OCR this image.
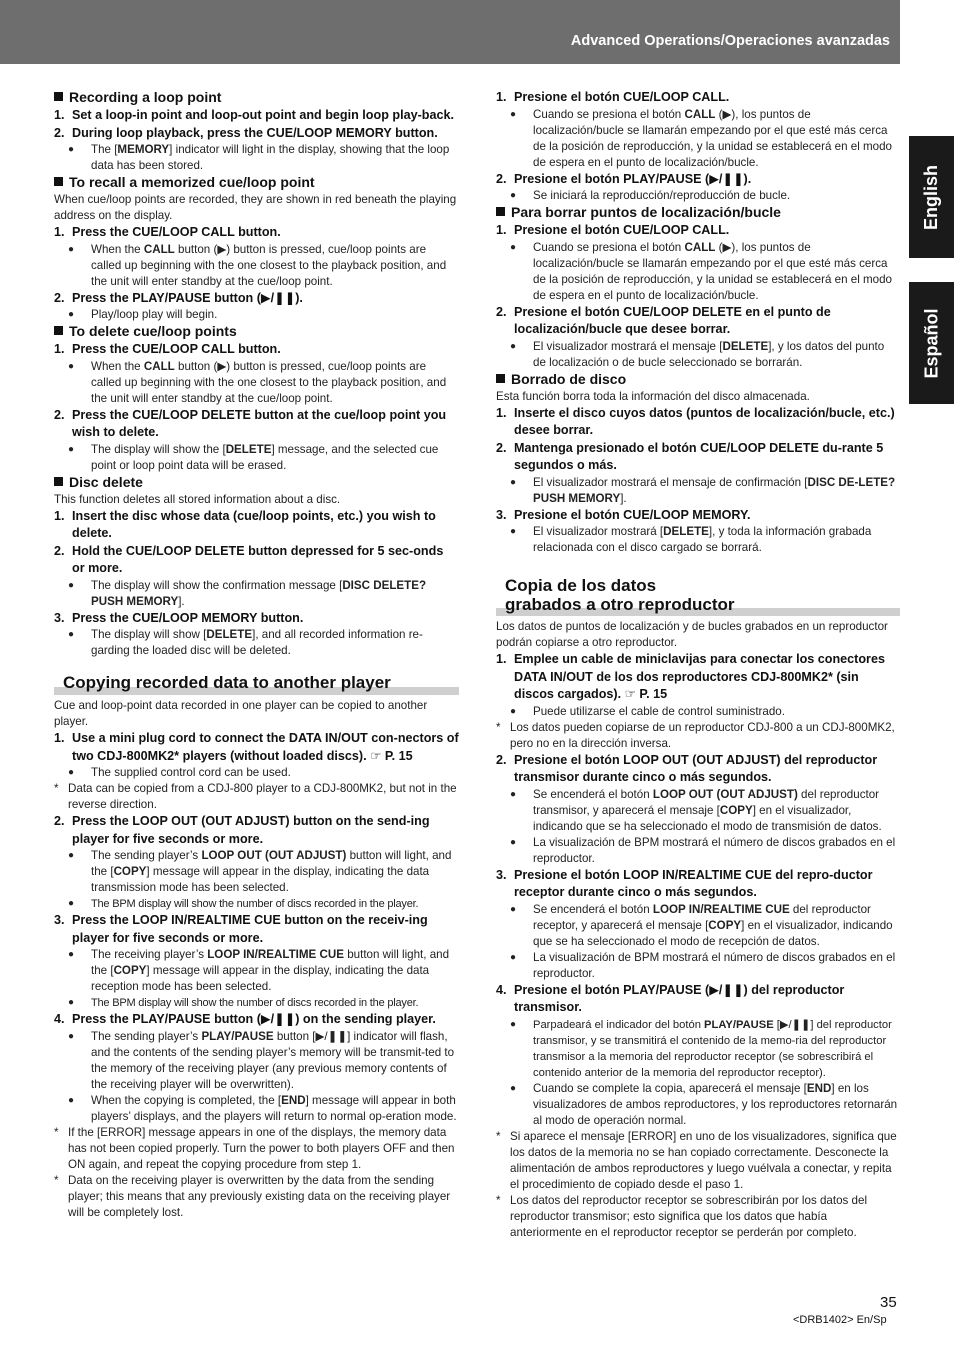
Advanced Operations/Operaciones avanzadas
English
Español
Recording a loop point

1. Set a loop-in point and loop-out point and begin loop play-back.

2. During loop playback, press the CUE/LOOP MEMORY button.

● The [MEMORY] indicator will light in the display, showing that the loop data has been stored.

To recall a memorized cue/loop point

When cue/loop points are recorded, they are shown in red beneath the playing address on the display.

1. Press the CUE/LOOP CALL button.

● When the CALL button (▶) button is pressed, cue/loop points are called up beginning with the one closest to the playback position, and the unit will enter standby at the cue/loop point.

2. Press the PLAY/PAUSE button (▶/❚❚).

● Play/loop play will begin.

To delete cue/loop points

1. Press the CUE/LOOP CALL button.

● When the CALL button (▶) button is pressed, cue/loop points are called up beginning with the one closest to the playback position, and the unit will enter standby at the cue/loop point.

2. Press the CUE/LOOP DELETE button at the cue/loop point you wish to delete.

● The display will show the [DELETE] message, and the selected cue point or loop point data will be erased.

Disc delete

This function deletes all stored information about a disc.

1. Insert the disc whose data (cue/loop points, etc.) you wish to delete.

2. Hold the CUE/LOOP DELETE button depressed for 5 sec-onds or more.

● The display will show the confirmation message [DISC DELETE? PUSH MEMORY].

3. Press the CUE/LOOP MEMORY button.

● The display will show [DELETE], and all recorded information re-garding the loaded disc will be deleted.

Copying recorded data to another player

Cue and loop-point data recorded in one player can be copied to another player.

1. Use a mini plug cord to connect the DATA IN/OUT con-nectors of two CDJ-800MK2* players (without loaded discs). ☞ P. 15

● The supplied control cord can be used.

* Data can be copied from a CDJ-800 player to a CDJ-800MK2, but not in the reverse direction.

2. Press the LOOP OUT (OUT ADJUST) button on the send-ing player for five seconds or more.

● The sending player’s LOOP OUT (OUT ADJUST) button will light, and the [COPY] message will appear in the display, indicating the data transmission mode has been selected.

● The BPM display will show the number of discs recorded in the player.

3. Press the LOOP IN/REALTIME CUE button on the receiv-ing player for five seconds or more.

● The receiving player’s LOOP IN/REALTIME CUE button will light, and the [COPY] message will appear in the display, indicating the data reception mode has been selected.

● The BPM display will show the number of discs recorded in the player.

4. Press the PLAY/PAUSE button (▶/❚❚) on the sending player.

● The sending player’s PLAY/PAUSE button [▶/❚❚] indicator will flash, and the contents of the sending player’s memory will be transmit-ted to the memory of the receiving player (any previous memory contents of the receiving player will be overwritten).

● When the copying is completed, the [END] message will appear in both players’ displays, and the players will return to normal op-eration mode.

* If the [ERROR] message appears in one of the displays, the memory data has not been copied properly. Turn the power to both players OFF and then ON again, and repeat the copying procedure from step 1.

* Data on the receiving player is overwritten by the data from the sending player; this means that any previously existing data on the receiving player will be completely lost.

1. Presione el botón CUE/LOOP CALL.

● Cuando se presiona el botón CALL (▶), los puntos de localización/bucle se llamarán empezando por el que esté más cerca de la posición de reproducción, y la unidad se establecerá en el modo de espera en el punto de localización/bucle.

2. Presione el botón PLAY/PAUSE (▶/❚❚).

● Se iniciará la reproducción/reproducción de bucle.

Para borrar puntos de localización/bucle

1. Presione el botón CUE/LOOP CALL.

● Cuando se presiona el botón CALL (▶), los puntos de localización/bucle se llamarán empezando por el que esté más cerca de la posición de reproducción, y la unidad se establecerá en el modo de espera en el punto de localización/bucle.

2. Presione el botón CUE/LOOP DELETE en el punto de localización/bucle que desee borrar.

● El visualizador mostrará el mensaje [DELETE], y los datos del punto de localización o de bucle seleccionado se borrarán.

Borrado de disco

Esta función borra toda la información del disco almacenada.

1. Inserte el disco cuyos datos (puntos de localización/bucle, etc.) desee borrar.

2. Mantenga presionado el botón CUE/LOOP DELETE du-rante 5 segundos o más.

● El visualizador mostrará el mensaje de confirmación [DISC DE-LETE? PUSH MEMORY].

3. Presione el botón CUE/LOOP MEMORY.

● El visualizador mostrará [DELETE], y toda la información grabada relacionada con el disco cargado se borrará.

Copia de los datos
grabados a otro reproductor

Los datos de puntos de localización y de bucles grabados en un reproductor podrán copiarse a otro reproductor.

1. Emplee un cable de miniclavijas para conectar los conectores DATA IN/OUT de los dos reproductores CDJ-800MK2* (sin discos cargados). ☞ P. 15

● Puede utilizarse el cable de control suministrado.

* Los datos pueden copiarse de un reproductor CDJ-800 a un CDJ-800MK2, pero no en la dirección inversa.

2. Presione el botón LOOP OUT (OUT ADJUST) del reproductor transmisor durante cinco o más segundos.

● Se encenderá el botón LOOP OUT (OUT ADJUST) del reproductor transmisor, y aparecerá el mensaje [COPY] en el visualizador, indicando que se ha seleccionado el modo de transmisión de datos.

● La visualización de BPM mostrará el número de discos grabados en el reproductor.

3. Presione el botón LOOP IN/REALTIME CUE del repro-ductor receptor durante cinco o más segundos.

● Se encenderá el botón LOOP IN/REALTIME CUE del reproductor receptor, y aparecerá el mensaje [COPY] en el visualizador, indicando que se ha seleccionado el modo de recepción de datos.

● La visualización de BPM mostrará el número de discos grabados en el reproductor.

4. Presione el botón PLAY/PAUSE (▶/❚❚) del reproductor transmisor.

● Parpadeará el indicador del botón PLAY/PAUSE [▶/❚❚] del reproductor transmisor, y se transmitirá el contenido de la memo-ria del reproductor transmisor a la memoria del reproductor receptor (se sobrescribirá el contenido anterior de la memoria del reproductor receptor).

● Cuando se complete la copia, aparecerá el mensaje [END] en los visualizadores de ambos reproductores, y los reproductores retornarán al modo de operación normal.

* Si aparece el mensaje [ERROR] en uno de los visualizadores, significa que los datos de la memoria no se han copiado correctamente. Desconecte la alimentación de ambos reproductores y luego vuélvala a conectar, y repita el procedimiento de copiado desde el paso 1.

* Los datos del reproductor receptor se sobrescribirán por los datos del reproductor transmisor; esto significa que los datos que había anteriormente en el reproductor receptor se perderán por completo.

35
<DRB1402> En/Sp
